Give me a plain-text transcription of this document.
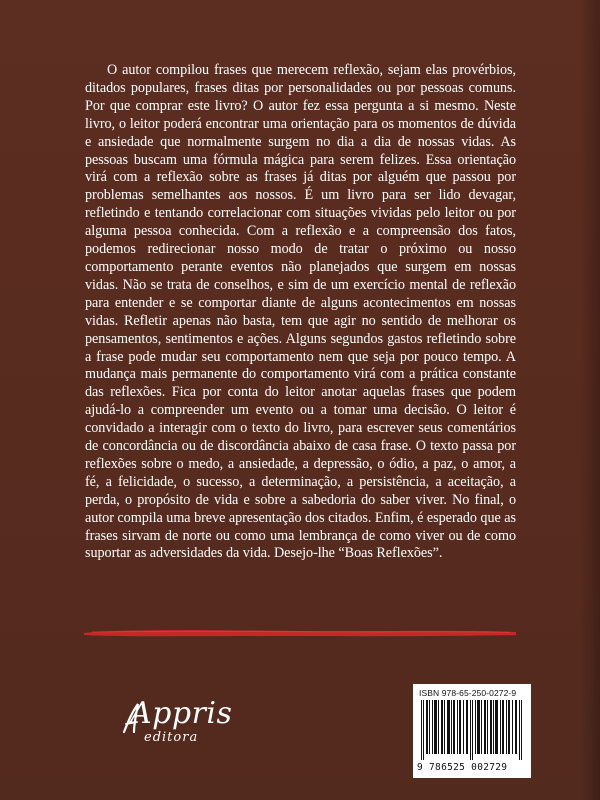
O autor compilou frases que merecem reflexão, sejam elas provérbios, ditados populares, frases ditas por personalidades ou por pessoas comuns. Por que comprar este livro? O autor fez essa pergunta a si mesmo. Neste livro, o leitor poderá encontrar uma orientação para os momentos de dúvida e ansiedade que normalmente surgem no dia a dia de nossas vidas. As pessoas buscam uma fórmula mágica para serem felizes. Essa orientação virá com a reflexão sobre as frases já ditas por alguém que passou por problemas semelhantes aos nossos. É um livro para ser lido devagar, refletindo e tentando correlacionar com situações vividas pelo leitor ou por alguma pessoa conhecida. Com a reflexão e a compreensão dos fatos, podemos redirecionar nosso modo de tratar o próximo ou nosso comportamento perante eventos não planejados que surgem em nossas vidas. Não se trata de conselhos, e sim de um exercício mental de reflexão para entender e se comportar diante de alguns acontecimentos em nossas vidas. Refletir apenas não basta, tem que agir no sentido de melhorar os pensamentos, sentimentos e ações. Alguns segundos gastos refletindo sobre a frase pode mudar seu comportamento nem que seja por pouco tempo. A mudança mais permanente do comportamento virá com a prática constante das reflexões. Fica por conta do leitor anotar aquelas frases que podem ajudá-lo a compreender um evento ou a tomar uma decisão. O leitor é convidado a interagir com o texto do livro, para escrever seus comentários de concordância ou de discordância abaixo de casa frase. O texto passa por reflexões sobre o medo, a ansiedade, a depressão, o ódio, a paz, o amor, a fé, a felicidade, o sucesso, a determinação, a persistência, a aceitação, a perda, o propósito de vida e sobre a sabedoria do saber viver. No final, o autor compila uma breve apresentação dos citados. Enfim, é esperado que as frases sirvam de norte ou como uma lembrança de como viver ou de como suportar as adversidades da vida. Desejo-lhe “Boas Reflexões”.

Appris
editora
ISBN 978-65-250-0272-9
9 786525 002729
